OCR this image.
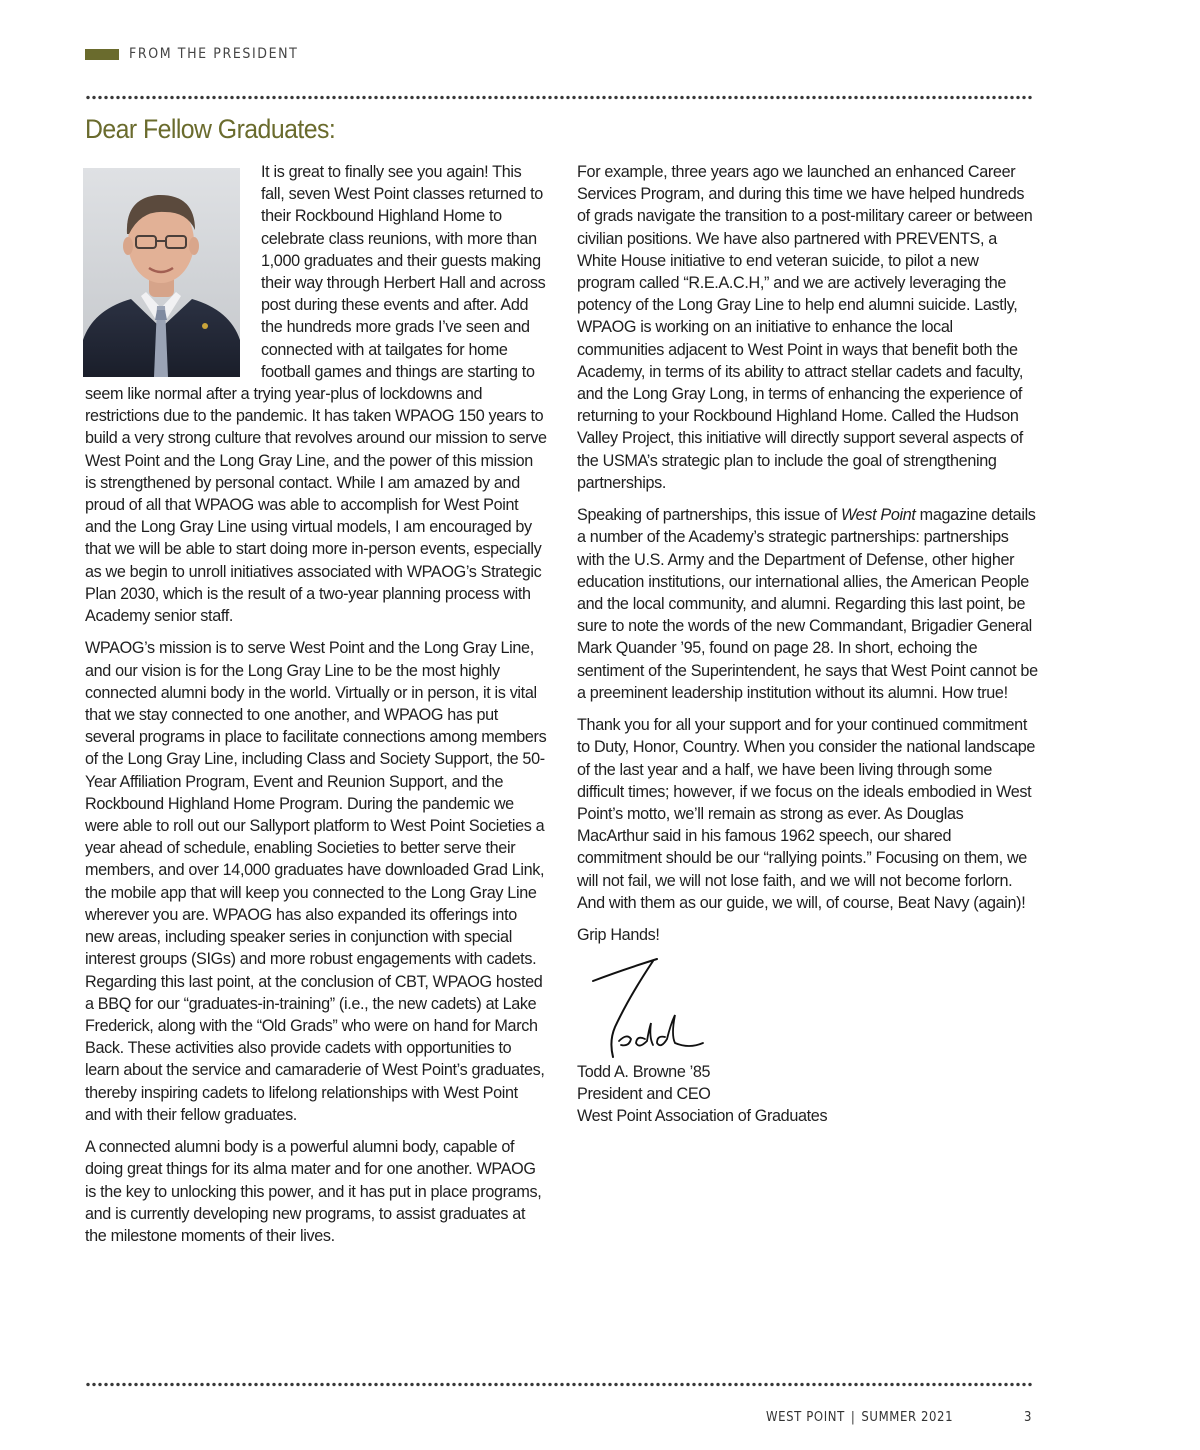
FROM THE PRESIDENT
Dear Fellow Graduates:

It is great to finally see you again! This fall, seven West Point classes returned to their Rockbound Highland Home to celebrate class reunions, with more than 1,000 graduates and their guests making their way through Herbert Hall and across post during these events and after. Add the hundreds more grads I’ve seen and connected with at tailgates for home football games and things are starting to seem like normal after a trying year-plus of lockdowns and restrictions due to the pandemic. It has taken WPAOG 150 years to build a very strong culture that revolves around our mission to serve West Point and the Long Gray Line, and the power of this mission is strengthened by personal contact. While I am amazed by and proud of all that WPAOG was able to accomplish for West Point and the Long Gray Line using virtual models, I am encouraged by that we will be able to start doing more in-person events, especially as we begin to unroll initiatives associated with WPAOG’s Strategic Plan 2030, which is the result of a two-year planning process with Academy senior staff.

WPAOG’s mission is to serve West Point and the Long Gray Line, and our vision is for the Long Gray Line to be the most highly connected alumni body in the world. Virtually or in person, it is vital that we stay connected to one another, and WPAOG has put several programs in place to facilitate connections among members of the Long Gray Line, including Class and Society Support, the 50-Year Affiliation Program, Event and Reunion Support, and the Rockbound Highland Home Program. During the pandemic we were able to roll out our Sallyport platform to West Point Societies a year ahead of schedule, enabling Societies to better serve their members, and over 14,000 graduates have downloaded Grad Link, the mobile app that will keep you connected to the Long Gray Line wherever you are. WPAOG has also expanded its offerings into new areas, including speaker series in conjunction with special interest groups (SIGs) and more robust engagements with cadets. Regarding this last point, at the conclusion of CBT, WPAOG hosted a BBQ for our “graduates-in-training” (i.e., the new cadets) at Lake Frederick, along with the “Old Grads” who were on hand for March Back. These activities also provide cadets with opportunities to learn about the service and camaraderie of West Point’s graduates, thereby inspiring cadets to lifelong relationships with West Point and with their fellow graduates.

A connected alumni body is a powerful alumni body, capable of doing great things for its alma mater and for one another. WPAOG is the key to unlocking this power, and it has put in place programs, and is currently developing new programs, to assist graduates at the milestone moments of their lives.

For example, three years ago we launched an enhanced Career Services Program, and during this time we have helped hundreds of grads navigate the transition to a post-military career or between civilian positions. We have also partnered with PREVENTS, a White House initiative to end veteran suicide, to pilot a new program called “R.E.A.C.H,” and we are actively leveraging the potency of the Long Gray Line to help end alumni suicide. Lastly, WPAOG is working on an initiative to enhance the local communities adjacent to West Point in ways that benefit both the Academy, in terms of its ability to attract stellar cadets and faculty, and the Long Gray Long, in terms of enhancing the experience of returning to your Rockbound Highland Home. Called the Hudson Valley Project, this initiative will directly support several aspects of the USMA’s strategic plan to include the goal of strengthening partnerships.

Speaking of partnerships, this issue of West Point magazine details a number of the Academy’s strategic partnerships: partnerships with the U.S. Army and the Department of Defense, other higher education institutions, our international allies, the American People and the local community, and alumni. Regarding this last point, be sure to note the words of the new Commandant, Brigadier General Mark Quander ’95, found on page 28. In short, echoing the sentiment of the Superintendent, he says that West Point cannot be a preeminent leadership institution without its alumni. How true!

Thank you for all your support and for your continued commitment to Duty, Honor, Country. When you consider the national landscape of the last year and a half, we have been living through some difficult times; however, if we focus on the ideals embodied in West Point’s motto, we’ll remain as strong as ever. As Douglas MacArthur said in his famous 1962 speech, our shared commitment should be our “rallying points.” Focusing on them, we will not fail, we will not lose faith, and we will not become forlorn. And with them as our guide, we will, of course, Beat Navy (again)!

Grip Hands!

Todd A. Browne ’85

President and CEO

West Point Association of Graduates

WEST POINT | SUMMER 2021	3
